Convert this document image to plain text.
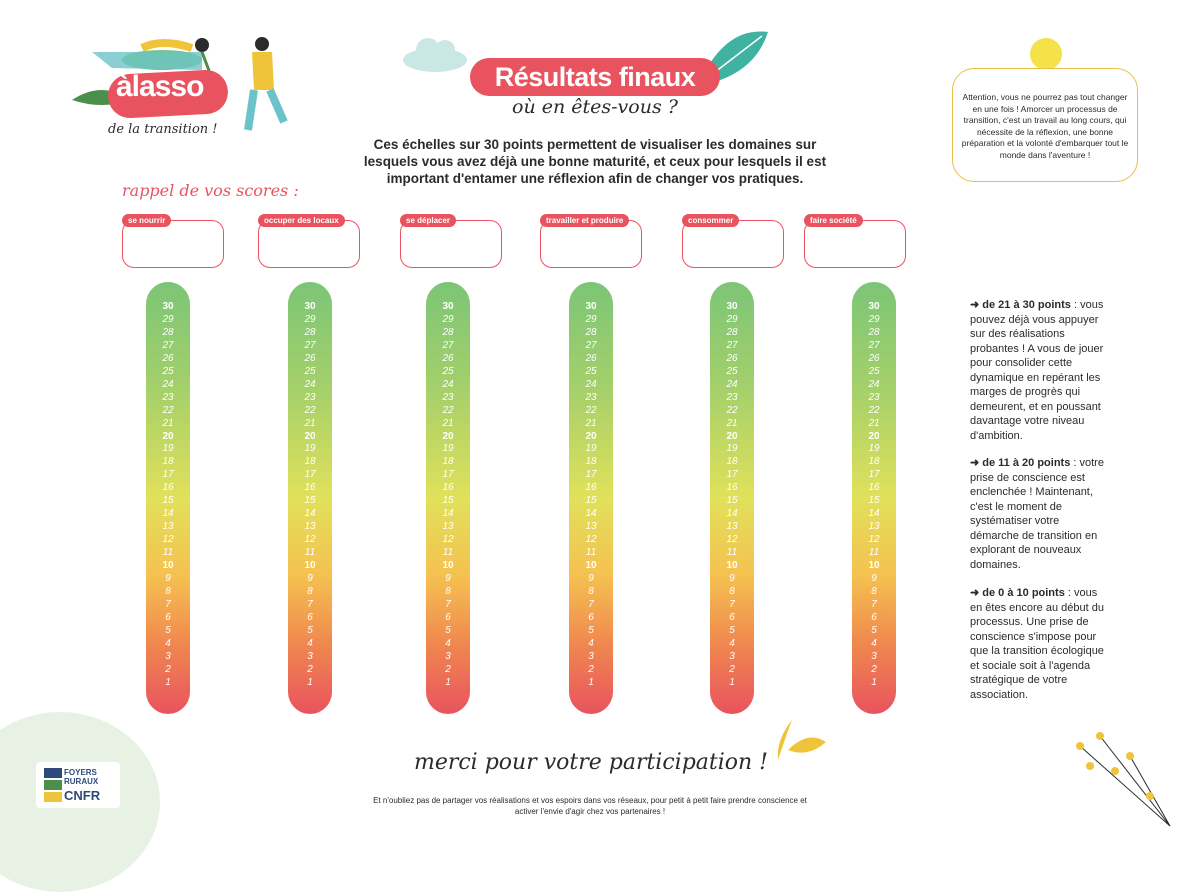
àlasso
de la transition !
Résultats finaux
où en êtes-vous ?
Ces échelles sur 30 points permettent de visualiser les domaines sur lesquels vous avez déjà une bonne maturité, et ceux pour lesquels il est important d'entamer une réflexion afin de changer vos pratiques.
Attention, vous ne pourrez pas tout changer en une fois ! Amorcer un processus de transition, c'est un travail au long cours, qui nécessite de la réflexion, une bonne préparation et la volonté d'embarquer tout le monde dans l'aventure !
rappel de vos scores :
se nourrir	occuper des locaux	se déplacer	travailler et produire	consommer	faire société
30
29
28
27
26
25
24
23
22
21
20
19
18
17
16
15
14
13
12
11
10
9
8
7
6
5
4
3
2
1
30
29
28
27
26
25
24
23
22
21
20
19
18
17
16
15
14
13
12
11
10
9
8
7
6
5
4
3
2
1
30
29
28
27
26
25
24
23
22
21
20
19
18
17
16
15
14
13
12
11
10
9
8
7
6
5
4
3
2
1
30
29
28
27
26
25
24
23
22
21
20
19
18
17
16
15
14
13
12
11
10
9
8
7
6
5
4
3
2
1
30
29
28
27
26
25
24
23
22
21
20
19
18
17
16
15
14
13
12
11
10
9
8
7
6
5
4
3
2
1
30
29
28
27
26
25
24
23
22
21
20
19
18
17
16
15
14
13
12
11
10
9
8
7
6
5
4
3
2
1
➜ de 21 à 30 points : vous pouvez déjà vous appuyer sur des réalisations probantes ! A vous de jouer pour consolider cette dynamique en repérant les marges de progrès qui demeurent, et en poussant davantage votre niveau d'ambition.
➜ de 11 à 20 points : votre prise de conscience est enclenchée ! Maintenant, c'est le moment de systématiser votre démarche de transition en explorant de nouveaux domaines.
➜ de 0 à 10 points : vous en êtes encore au début du processus. Une prise de conscience s'impose pour que la transition écologique et sociale soit à l'agenda stratégique de votre association.
FOYERS
RURAUX
CNFR
merci pour votre participation !
Et n'oubliez pas de partager vos réalisations et vos espoirs dans vos réseaux, pour petit à petit faire prendre conscience et activer l'envie d'agir chez vos partenaires !
